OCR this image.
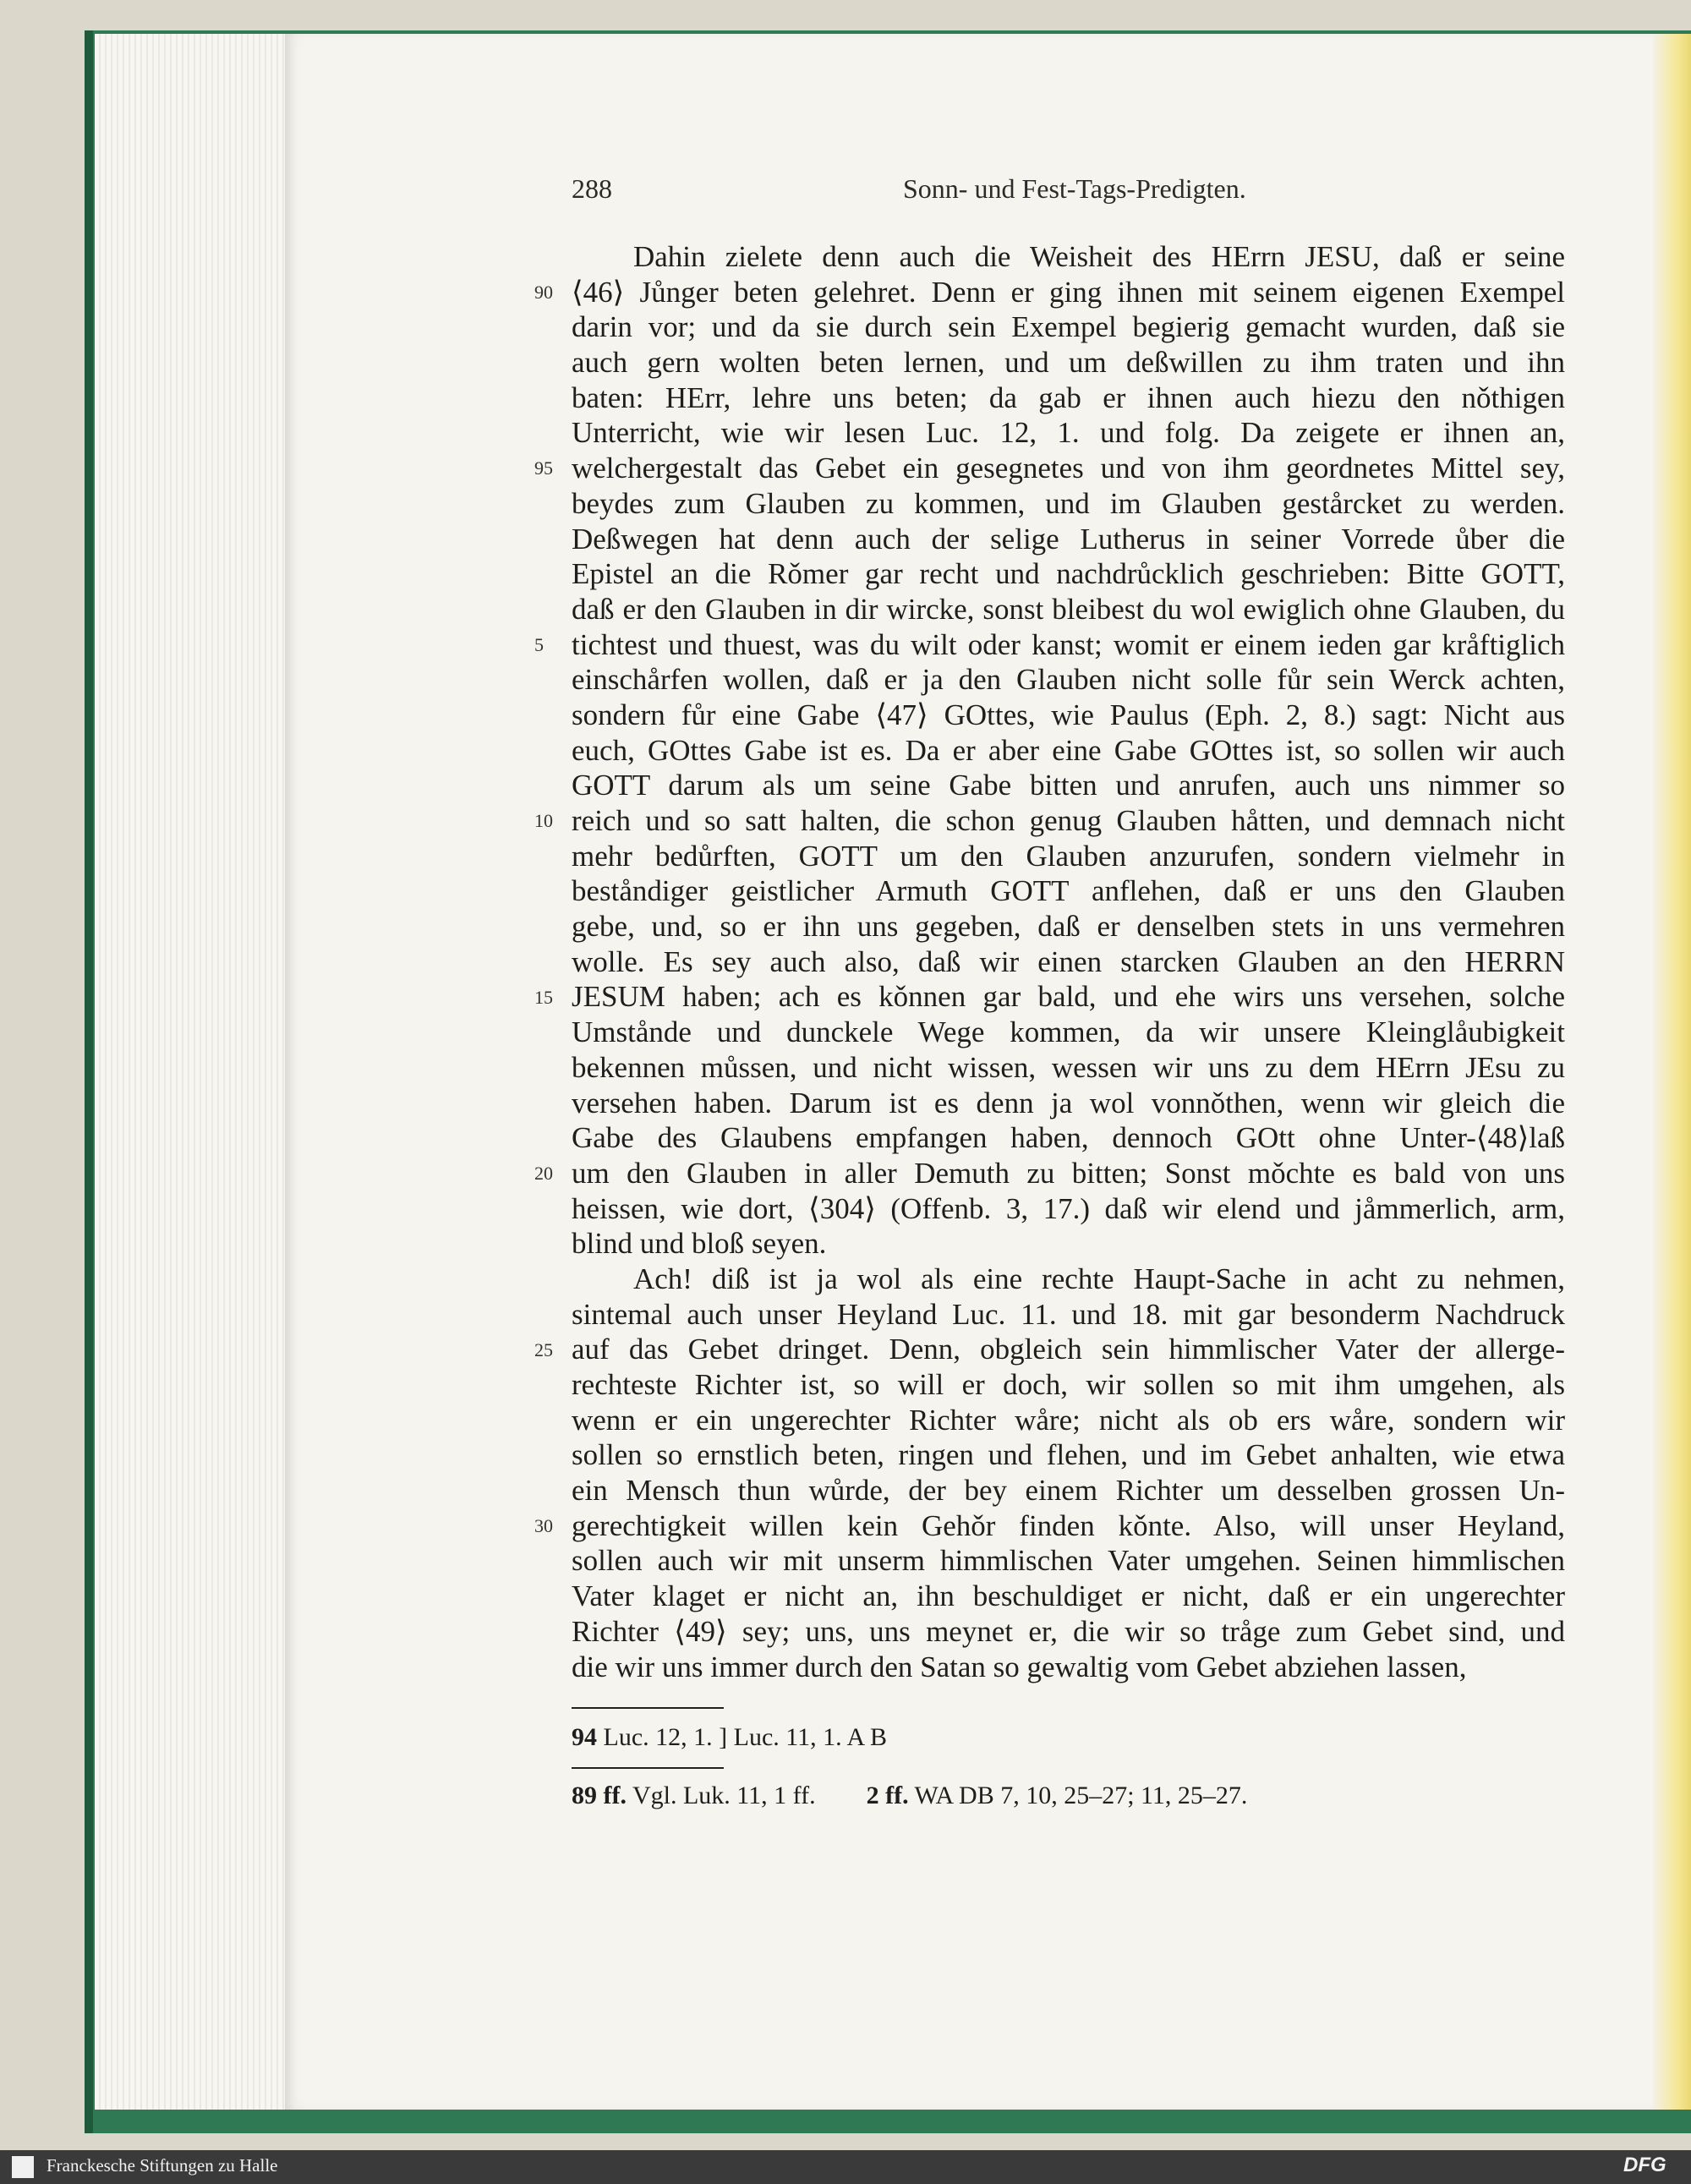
288	Sonn- und Fest-Tags-Predigten.
90
95
5
10
15
20
25
30
Dahin zielete denn auch die Weisheit des HErrn JESU, daß er seine
⟨46⟩ Jůnger beten gelehret. Denn er ging ihnen mit seinem eigenen Exempel
darin vor; und da sie durch sein Exempel begierig gemacht wurden, daß sie
auch gern wolten beten lernen, und um deßwillen zu ihm traten und ihn
baten: HErr, lehre uns beten; da gab er ihnen auch hiezu den nǒthigen
Unterricht, wie wir lesen Luc. 12, 1. und folg. Da zeigete er ihnen an,
welchergestalt das Gebet ein gesegnetes und von ihm geordnetes Mittel sey,
beydes zum Glauben zu kommen, und im Glauben gestårcket zu werden.
Deßwegen hat denn auch der selige Lutherus in seiner Vorrede ůber die
Epistel an die Rǒmer gar recht und nachdrůcklich geschrieben: Bitte GOTT,
daß er den Glauben in dir wircke, sonst bleibest du wol ewiglich ohne Glauben, du
tichtest und thuest, was du wilt oder kanst; womit er einem ieden gar kråftiglich
einschårfen wollen, daß er ja den Glauben nicht solle fůr sein Werck achten,
sondern fůr eine Gabe ⟨47⟩ GOttes, wie Paulus (Eph. 2, 8.) sagt: Nicht aus
euch, GOttes Gabe ist es. Da er aber eine Gabe GOttes ist, so sollen wir auch
GOTT darum als um seine Gabe bitten und anrufen, auch uns nimmer so
reich und so satt halten, die schon genug Glauben håtten, und demnach nicht
mehr bedůrften, GOTT um den Glauben anzurufen, sondern vielmehr in
beståndiger geistlicher Armuth GOTT anflehen, daß er uns den Glauben
gebe, und, so er ihn uns gegeben, daß er denselben stets in uns vermehren
wolle. Es sey auch also, daß wir einen starcken Glauben an den HERRN
JESUM haben; ach es kǒnnen gar bald, und ehe wirs uns versehen, solche
Umstånde und dunckele Wege kommen, da wir unsere Kleinglåubigkeit
bekennen můssen, und nicht wissen, wessen wir uns zu dem HErrn JEsu zu
versehen haben. Darum ist es denn ja wol vonnǒthen, wenn wir gleich die
Gabe des Glaubens empfangen haben, dennoch GOtt ohne Unter-⟨48⟩laß
um den Glauben in aller Demuth zu bitten; Sonst mǒchte es bald von uns
heissen, wie dort, ⟨304⟩ (Offenb. 3, 17.) daß wir elend und jåmmerlich, arm,
blind und bloß seyen.
Ach! diß ist ja wol als eine rechte Haupt-Sache in acht zu nehmen,
sintemal auch unser Heyland Luc. 11. und 18. mit gar besonderm Nachdruck
auf das Gebet dringet. Denn, obgleich sein himmlischer Vater der allerge-
rechteste Richter ist, so will er doch, wir sollen so mit ihm umgehen, als
wenn er ein ungerechter Richter wåre; nicht als ob ers wåre, sondern wir
sollen so ernstlich beten, ringen und flehen, und im Gebet anhalten, wie etwa
ein Mensch thun wůrde, der bey einem Richter um desselben grossen Un-
gerechtigkeit willen kein Gehǒr finden kǒnte. Also, will unser Heyland,
sollen auch wir mit unserm himmlischen Vater umgehen. Seinen himmlischen
Vater klaget er nicht an, ihn beschuldiget er nicht, daß er ein ungerechter
Richter ⟨49⟩ sey; uns, uns meynet er, die wir so tråge zum Gebet sind, und
die wir uns immer durch den Satan so gewaltig vom Gebet abziehen lassen,
94 Luc. 12, 1. ] Luc. 11, 1. A B
89 ff. Vgl. Luk. 11, 1 ff. 2 ff. WA DB 7, 10, 25–27; 11, 25–27.
Franckesche Stiftungen zu Halle	DFG
